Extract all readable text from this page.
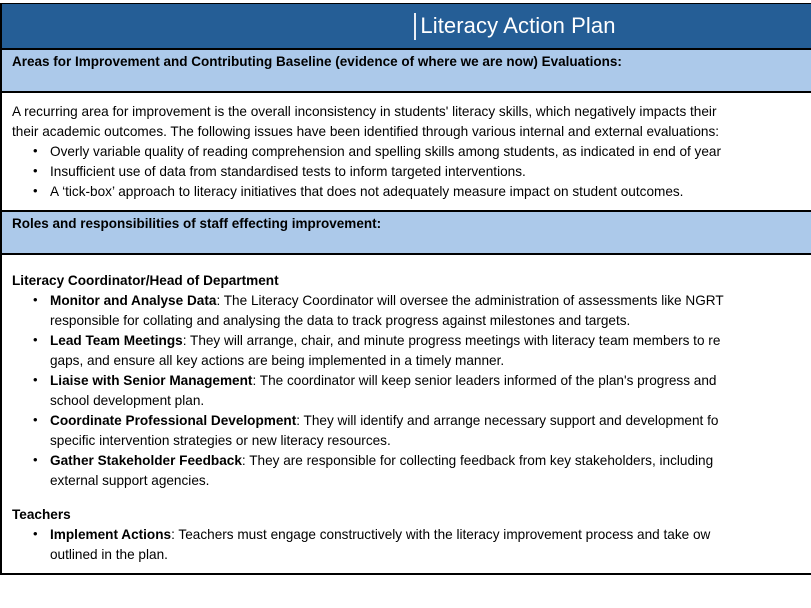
Literacy Action Plan
Areas for Improvement and Contributing Baseline (evidence of where we are now) Evaluations:

A recurring area for improvement is the overall inconsistency in students' literacy skills, which negatively impacts their

their academic outcomes. The following issues have been identified through various internal and external evaluations:

• Overly variable quality of reading comprehension and spelling skills among students, as indicated in end of year
• Insufficient use of data from standardised tests to inform targeted interventions.
• A ‘tick-box’ approach to literacy initiatives that does not adequately measure impact on student outcomes.
Roles and responsibilities of staff effecting improvement:
Literacy Coordinator/Head of Department
• Monitor and Analyse Data: The Literacy Coordinator will oversee the administration of assessments like NGRT
responsible for collating and analysing the data to track progress against milestones and targets.
• Lead Team Meetings: They will arrange, chair, and minute progress meetings with literacy team members to re
gaps, and ensure all key actions are being implemented in a timely manner.
• Liaise with Senior Management: The coordinator will keep senior leaders informed of the plan's progress and
school development plan.
• Coordinate Professional Development: They will identify and arrange necessary support and development fo
specific intervention strategies or new literacy resources.
• Gather Stakeholder Feedback: They are responsible for collecting feedback from key stakeholders, including
external support agencies.
Teachers
• Implement Actions: Teachers must engage constructively with the literacy improvement process and take ow
outlined in the plan.
